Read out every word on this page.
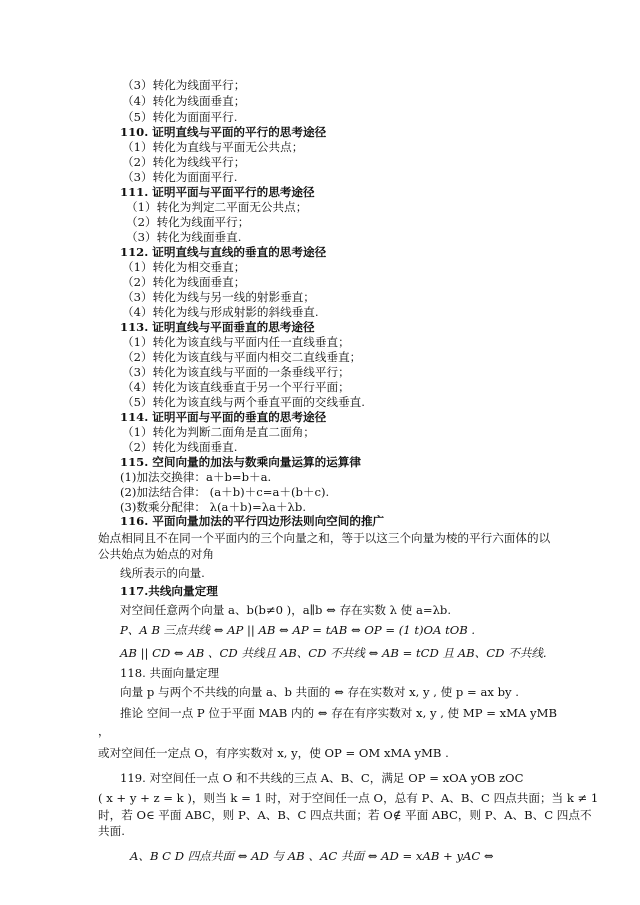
（3）转化为线面平行；
（4）转化为线面垂直；
（5）转化为面面平行.
110. 证明直线与平面的平行的思考途径
（1）转化为直线与平面无公共点；
（2）转化为线线平行；
（3）转化为面面平行.
111. 证明平面与平面平行的思考途径
（1）转化为判定二平面无公共点；
（2）转化为线面平行；
（3）转化为线面垂直.
112. 证明直线与直线的垂直的思考途径
（1）转化为相交垂直；
（2）转化为线面垂直；
（3）转化为线与另一线的射影垂直；
（4）转化为线与形成射影的斜线垂直.
113. 证明直线与平面垂直的思考途径
（1）转化为该直线与平面内任一直线垂直；
（2）转化为该直线与平面内相交二直线垂直；
（3）转化为该直线与平面的一条垂线平行；
（4）转化为该直线垂直于另一个平行平面；
（5）转化为该直线与两个垂直平面的交线垂直.
114. 证明平面与平面的垂直的思考途径
（1）转化为判断二面角是直二面角；
（2）转化为线面垂直.
115. 空间向量的加法与数乘向量运算的运算律
(1)加法交换律：a＋b=b＋a.
(2)加法结合律： (a＋b)＋c=a＋(b＋c).
(3)数乘分配律： λ(a＋b)=λa＋λb.
116. 平面向量加法的平行四边形法则向空间的推广
始点相同且不在同一个平面内的三个向量之和，等于以这三个向量为棱的平行六面体的以
公共始点为始点的对角
线所表示的向量.
117.共线向量定理
对空间任意两个向量 a、b(b≠0 )，a∥b ⇔ 存在实数 λ 使 a=λb.
P、A B 三点共线 ⇔ AP || AB ⇔ AP = tAB ⇔ OP = (1 t)OA tOB .
AB || CD ⇔ AB 、CD 共线且 AB、CD 不共线 ⇔ AB = tCD 且 AB、CD 不共线.
118. 共面向量定理
向量 p 与两个不共线的向量 a、b 共面的 ⇔ 存在实数对 x, y , 使 p = ax by .
推论 空间一点 P 位于平面 MAB 内的 ⇔ 存在有序实数对 x, y , 使 MP = xMA yMB
，
或对空间任一定点 O，有序实数对 x, y，使 OP = OM xMA yMB .
119. 对空间任一点 O 和不共线的三点 A、B、C，满足 OP = xOA yOB zOC
( x + y + z = k )，则当 k = 1 时，对于空间任一点 O，总有 P、A、B、C 四点共面；当 k ≠ 1
时，若 O∈ 平面 ABC，则 P、A、B、C 四点共面；若 O∉ 平面 ABC，则 P、A、B、C 四点不
共面.
A、B C D 四点共面 ⇔ AD 与 AB 、AC 共面 ⇔ AD = xAB + yAC ⇔
